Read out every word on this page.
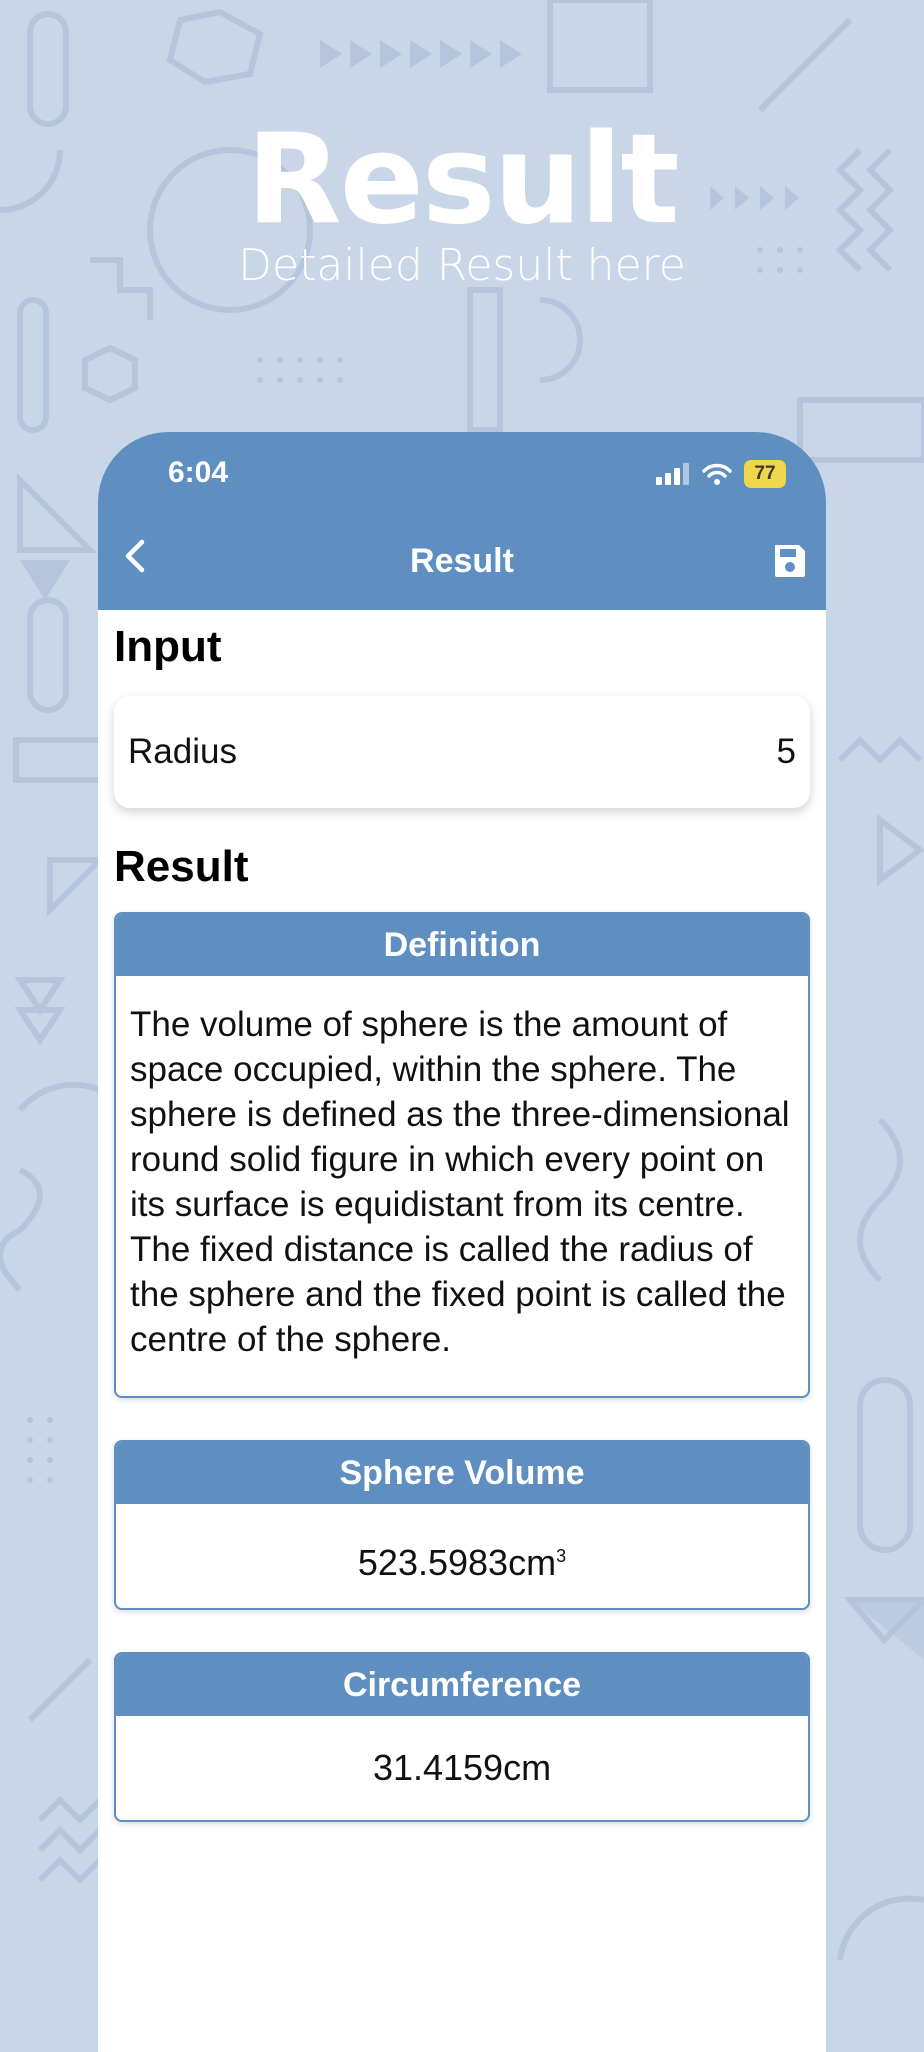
Result
Detailed Result here
6:04	77
Result
Input
Radius	5
Result
Definition
The volume of sphere is the amount of space occupied, within the sphere. The sphere is defined as the three-dimensional round solid figure in which every point on its surface is equidistant from its centre. The fixed distance is called the radius of the sphere and the fixed point is called the centre of the sphere.
Sphere Volume
$523.5983cm^3$
Circumference
31.4159cm
